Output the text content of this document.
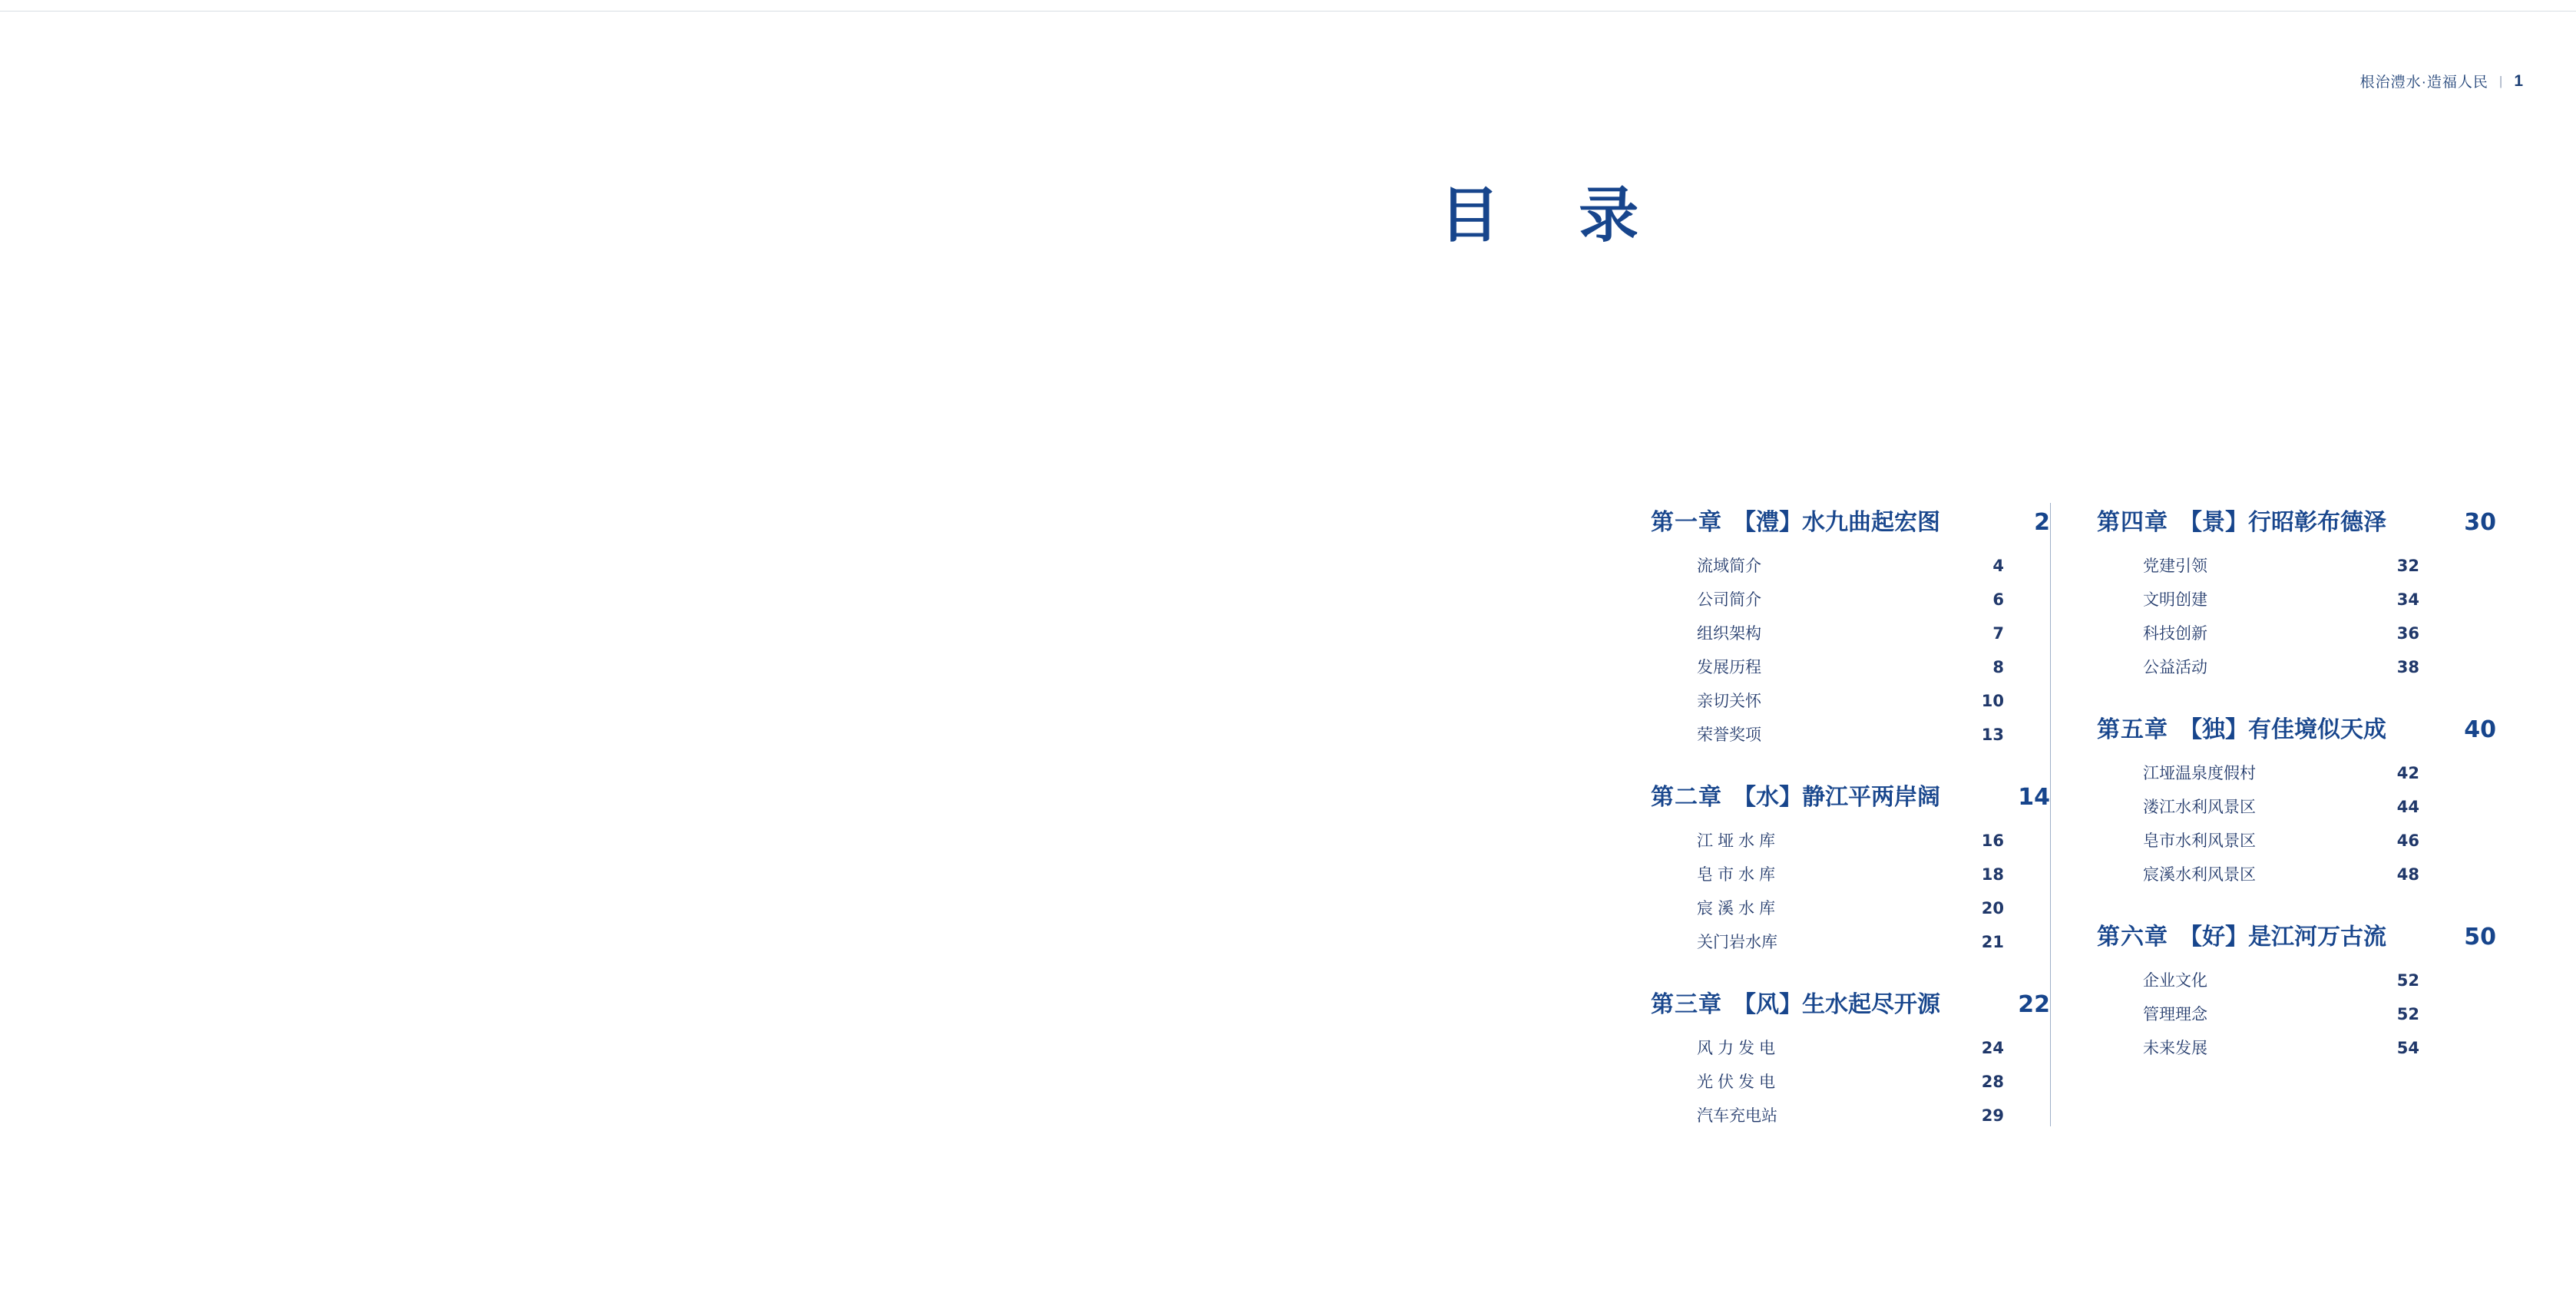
根治澧水·造福人民 | 1
目 录
第一章 【澧】水九曲起宏图	2
流域简介	4
公司简介	6
组织架构	7
发展历程	8
亲切关怀	10
荣誉奖项	13
第二章 【水】静江平两岸阔	14
江垭水库	16
皂市水库	18
宸溪水库	20
关门岩水库	21
第三章 【风】生水起尽开源	22
风力发电	24
光伏发电	28
汽车充电站	29
第四章 【景】行昭彰布德泽	30
党建引领	32
文明创建	34
科技创新	36
公益活动	38
第五章 【独】有佳境似天成	40
江垭温泉度假村	42
溇江水利风景区	44
皂市水利风景区	46
宸溪水利风景区	48
第六章 【好】是江河万古流	50
企业文化	52
管理理念	52
未来发展	54
